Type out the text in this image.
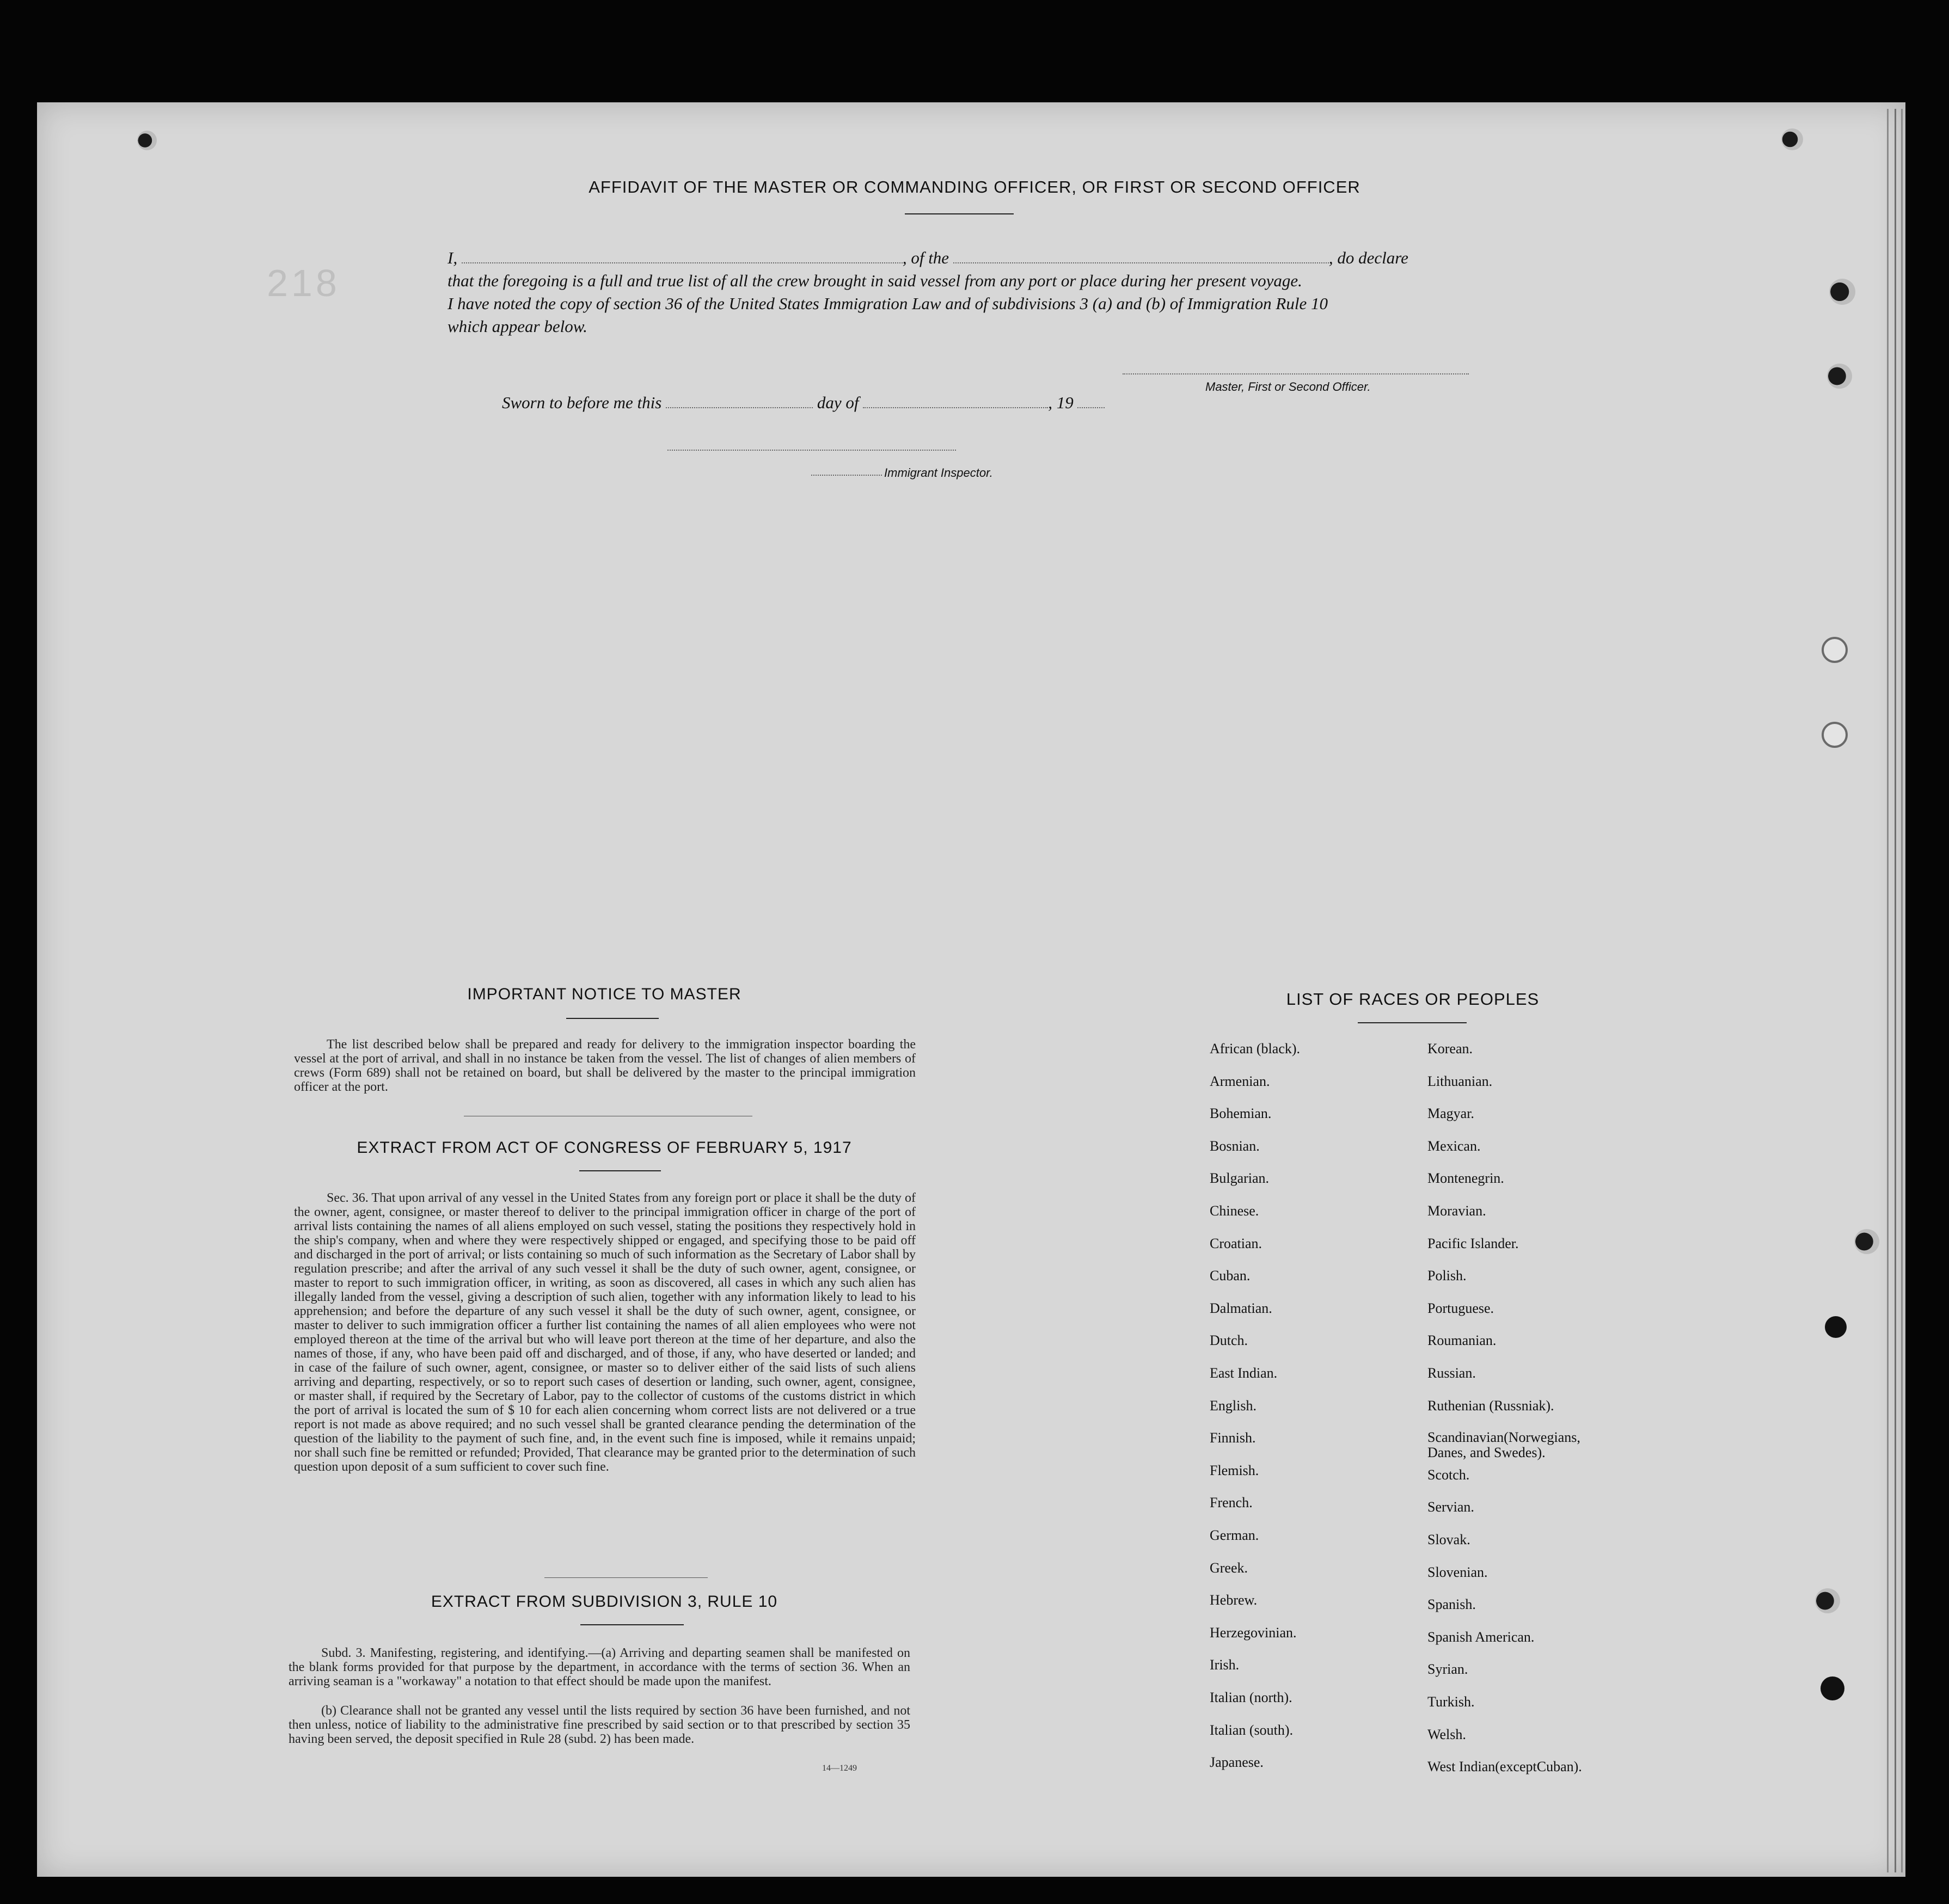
218
AFFIDAVIT OF THE MASTER OR COMMANDING OFFICER, OR FIRST OR SECOND OFFICER
I,	, of the	, do declare
that the foregoing is a full and true list of all the crew brought in said vessel from any port or place during her present voyage.
I have noted the copy of section 36 of the United States Immigration Law and of subdivisions 3 (a) and (b) of Immigration Rule 10
which appear below.
Master, First or Second Officer.
Sworn to before me this	day of	, 19
Immigrant Inspector.
IMPORTANT NOTICE TO MASTER
The list described below shall be prepared and ready for delivery to the immigration inspector boarding the vessel at the port of arrival, and shall in no instance be taken from the vessel. The list of changes of alien members of crews (Form 689) shall not be retained on board, but shall be delivered by the master to the principal immigration officer at the port.
EXTRACT FROM ACT OF CONGRESS OF FEBRUARY 5, 1917
Sec. 36. That upon arrival of any vessel in the United States from any foreign port or place it shall be the duty of the owner, agent, consignee, or master thereof to deliver to the principal immigration officer in charge of the port of arrival lists containing the names of all aliens employed on such vessel, stating the positions they respectively hold in the ship's company, when and where they were respectively shipped or engaged, and specifying those to be paid off and discharged in the port of arrival; or lists containing so much of such information as the Secretary of Labor shall by regulation prescribe; and after the arrival of any such vessel it shall be the duty of such owner, agent, consignee, or master to report to such immigration officer, in writing, as soon as discovered, all cases in which any such alien has illegally landed from the vessel, giving a description of such alien, together with any information likely to lead to his apprehension; and before the departure of any such vessel it shall be the duty of such owner, agent, consignee, or master to deliver to such immigration officer a further list containing the names of all alien employees who were not employed thereon at the time of the arrival but who will leave port thereon at the time of her departure, and also the names of those, if any, who have been paid off and discharged, and of those, if any, who have deserted or landed; and in case of the failure of such owner, agent, consignee, or master so to deliver either of the said lists of such aliens arriving and departing, respectively, or so to report such cases of desertion or landing, such owner, agent, consignee, or master shall, if required by the Secretary of Labor, pay to the collector of customs of the customs district in which the port of arrival is located the sum of $ 10 for each alien concerning whom correct lists are not delivered or a true report is not made as above required; and no such vessel shall be granted clearance pending the determination of the question of the liability to the payment of such fine, and, in the event such fine is imposed, while it remains unpaid; nor shall such fine be remitted or refunded; Provided, That clearance may be granted prior to the determination of such question upon deposit of a sum sufficient to cover such fine.
EXTRACT FROM SUBDIVISION 3, RULE 10
Subd. 3. Manifesting, registering, and identifying.—(a) Arriving and departing seamen shall be manifested on the blank forms provided for that purpose by the department, in accordance with the terms of section 36. When an arriving seaman is a "workaway" a notation to that effect should be made upon the manifest.
(b) Clearance shall not be granted any vessel until the lists required by section 36 have been furnished, and not then unless, notice of liability to the administrative fine prescribed by said section or to that prescribed by section 35 having been served, the deposit specified in Rule 28 (subd. 2) has been made.
14—1249
LIST OF RACES OR PEOPLES
African (black).
Armenian.
Bohemian.
Bosnian.
Bulgarian.
Chinese.
Croatian.
Cuban.
Dalmatian.
Dutch.
East Indian.
English.
Finnish.
Flemish.
French.
German.
Greek.
Hebrew.
Herzegovinian.
Irish.
Italian (north).
Italian (south).
Japanese.
Korean.
Lithuanian.
Magyar.
Mexican.
Montenegrin.
Moravian.
Pacific Islander.
Polish.
Portuguese.
Roumanian.
Russian.
Ruthenian (Russniak).
Scandinavian(Norwegians, Danes, and Swedes).
Scotch.
Servian.
Slovak.
Slovenian.
Spanish.
Spanish American.
Syrian.
Turkish.
Welsh.
West Indian(exceptCuban).
